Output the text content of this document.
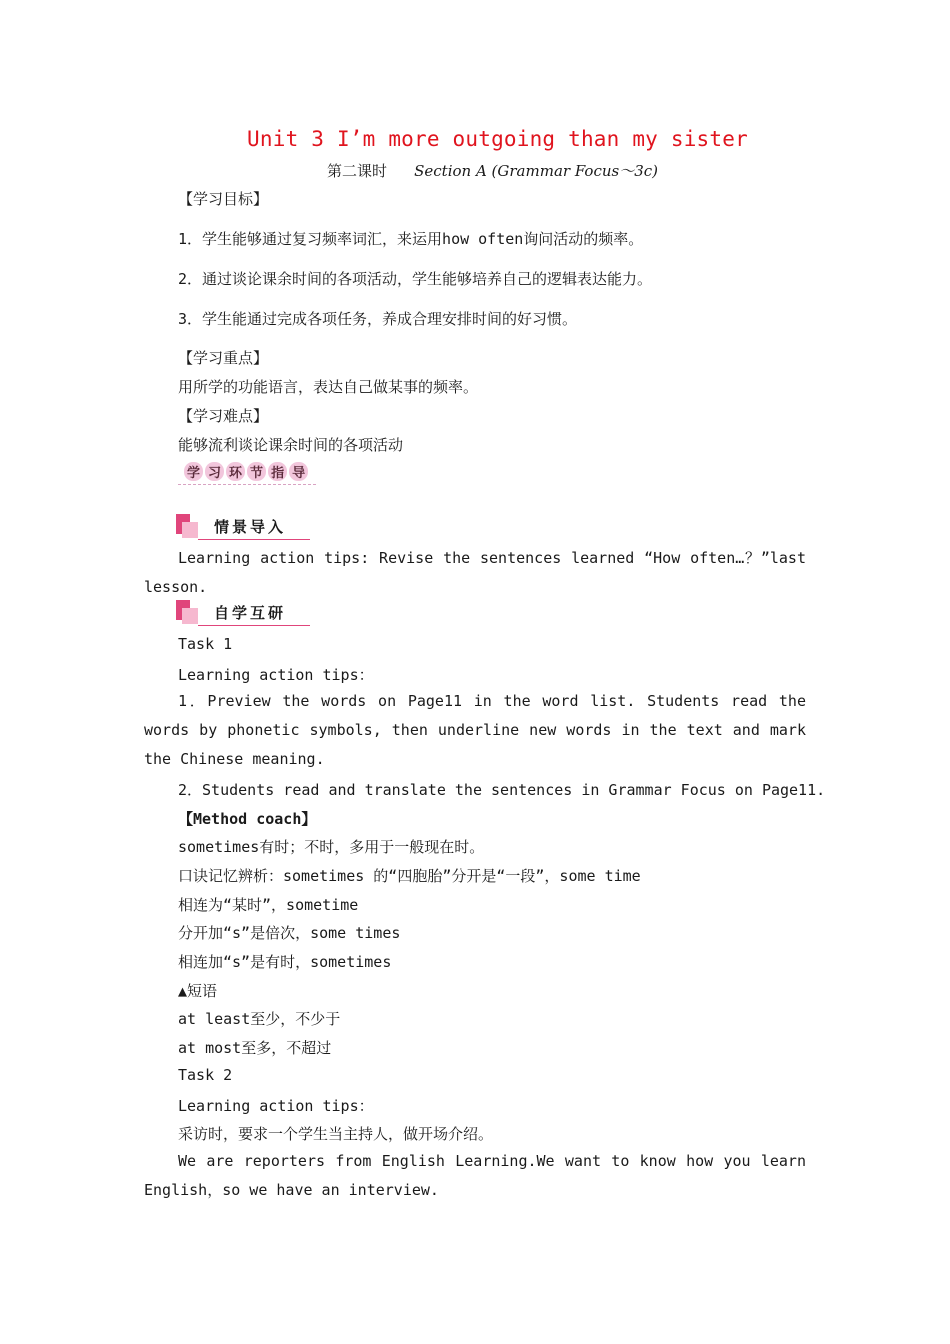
Unit 3 I’m more outgoing than my sister
第二课时 Section A (Grammar Focus～3c)
【学习目标】
1．学生能够通过复习频率词汇，来运用how often询问活动的频率。
2．通过谈论课余时间的各项活动，学生能够培养自己的逻辑表达能力。
3．学生能通过完成各项任务，养成合理安排时间的好习惯。
【学习重点】
用所学的功能语言，表达自己做某事的频率。
【学习难点】
能够流利谈论课余时间的各项活动
学 习 环 节 指 导
情景导入
Learning action tips: Revise the sentences learned “How often…？”last lesson.
自学互研
Task 1
Learning action tips：
1．Preview the words on Page11 in the word list. Students read the words by phonetic symbols, then underline new words in the text and mark the Chinese meaning.
2．Students read and translate the sentences in Grammar Focus on Page11.
【Method coach】
sometimes有时；不时，多用于一般现在时。
口诀记忆辨析：sometimes 的“四胞胎”分开是“一段”，some time
相连为“某时”，sometime
分开加“s”是倍次，some times
相连加“s”是有时，sometimes
▲短语
at least至少，不少于
at most至多，不超过
Task 2
Learning action tips：
采访时，要求一个学生当主持人，做开场介绍。
We are reporters from English Learning.We want to know how you learn English，so we have an interview.
